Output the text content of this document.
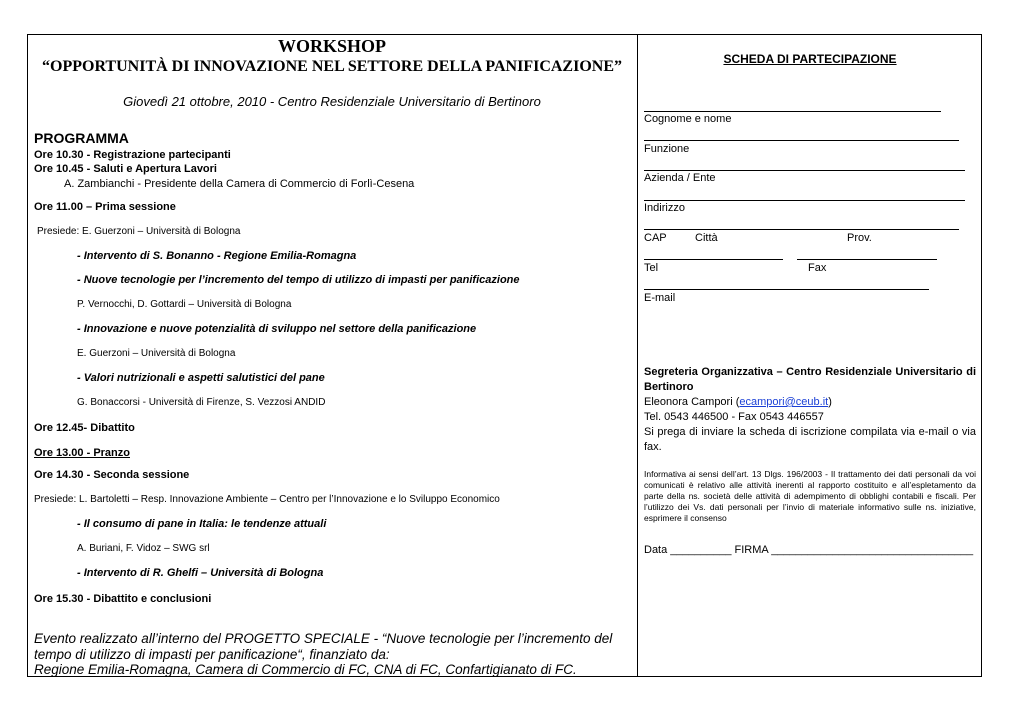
WORKSHOP
“OPPORTUNITÀ DI INNOVAZIONE NEL SETTORE DELLA PANIFICAZIONE”
Giovedì 21 ottobre, 2010 - Centro Residenziale Universitario di Bertinoro
PROGRAMMA
Ore 10.30 - Registrazione partecipanti
Ore 10.45 - Saluti e Apertura Lavori
A. Zambianchi - Presidente della Camera di Commercio di Forlì-Cesena
Ore 11.00 – Prima sessione
Presiede: E. Guerzoni – Università di Bologna
- Intervento di S. Bonanno - Regione Emilia-Romagna
- Nuove tecnologie per l’incremento del tempo di utilizzo di impasti per panificazione
P. Vernocchi, D. Gottardi – Università di Bologna
- Innovazione e nuove potenzialità di sviluppo nel settore della panificazione
E. Guerzoni – Università di Bologna
- Valori nutrizionali e aspetti salutistici del pane
G. Bonaccorsi - Università di Firenze, S. Vezzosi ANDID
Ore 12.45- Dibattito
Ore 13.00 - Pranzo
Ore 14.30 - Seconda sessione
Presiede: L. Bartoletti – Resp. Innovazione Ambiente – Centro per l’Innovazione e lo Sviluppo Economico
- Il consumo di pane in Italia: le tendenze attuali
A. Buriani, F. Vidoz – SWG srl
- Intervento di R. Ghelfi – Università di Bologna
Ore 15.30 - Dibattito e conclusioni
Evento realizzato all’interno del PROGETTO SPECIALE - “Nuove tecnologie per l’incremento del
tempo di utilizzo di impasti per panificazione“, finanziato da:
Regione Emilia-Romagna, Camera di Commercio di FC, CNA di FC, Confartigianato di FC.
SCHEDA DI PARTECIPAZIONE
Cognome e nome
Funzione
Azienda / Ente
Indirizzo
CAP	Città	Prov.
Tel	Fax
E-mail
Segreteria Organizzativa – Centro Residenziale Universitario di Bertinoro
Eleonora Campori (ecampori@ceub.it)
Tel. 0543 446500 - Fax 0543 446557
Si prega di inviare la scheda di iscrizione compilata via e-mail o via fax.
Informativa ai sensi dell’art. 13 Dlgs. 196/2003 - Il trattamento dei dati personali da voi comunicati è relativo alle attività inerenti al rapporto costituito e all’espletamento da parte della ns. società delle attività di adempimento di obblighi contabili e fiscali. Per l’utilizzo dei Vs. dati personali per l’invio di materiale informativo sulle ns. iniziative, esprimere il consenso
Data __________ FIRMA _________________________________
